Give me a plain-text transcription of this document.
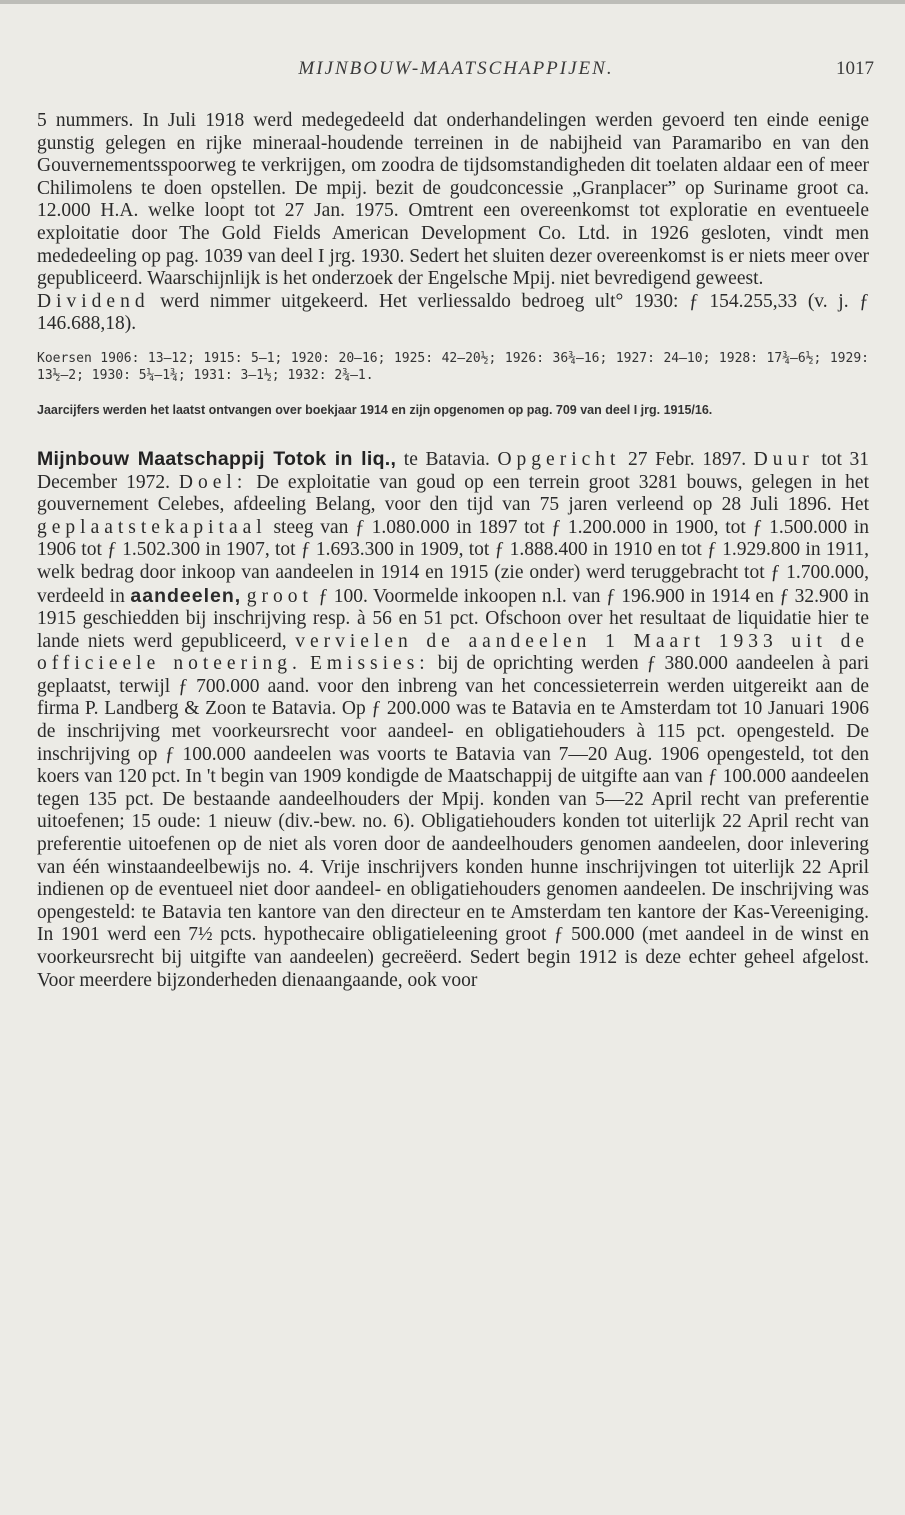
MIJNBOUW-MAATSCHAPPIJEN.	1017

5 nummers. In Juli 1918 werd medegedeeld dat onderhandelingen werden gevoerd ten einde eenige gunstig gelegen en rijke mineraal-houdende terreinen in de nabijheid van Paramaribo en van den Gouvernementsspoorweg te verkrijgen, om zoodra de tijdsomstandigheden dit toelaten aldaar een of meer Chilimolens te doen opstellen. De mpij. bezit de goudconcessie „Granplacer” op Suriname groot ca. 12.000 H.A. welke loopt tot 27 Jan. 1975. Omtrent een overeenkomst tot exploratie en eventueele exploitatie door The Gold Fields American Development Co. Ltd. in 1926 gesloten, vindt men mededeeling op pag. 1039 van deel I jrg. 1930. Sedert het sluiten dezer overeenkomst is er niets meer over gepubliceerd. Waarschijnlijk is het onderzoek der Engelsche Mpij. niet bevredigend geweest.

Dividend werd nimmer uitgekeerd. Het verliessaldo bedroeg ult° 1930: ƒ 154.255,33 (v. j. ƒ 146.688,18).

Koersen 1906: 13—12; 1915: 5—1; 1920: 20—16; 1925: 42—20½; 1926: 36¾—16; 1927: 24—10; 1928: 17¾—6½; 1929: 13½—2; 1930: 5¼—1¾; 1931: 3—1½; 1932: 2¾—1.

Jaarcijfers werden het laatst ontvangen over boekjaar 1914 en zijn opgenomen op pag. 709 van deel I jrg. 1915/16.

Mijnbouw Maatschappij Totok in liq., te Batavia. Opgericht 27 Febr. 1897. Duur tot 31 December 1972. Doel: De exploitatie van goud op een terrein groot 3281 bouws, gelegen in het gouvernement Celebes, afdeeling Belang, voor den tijd van 75 jaren verleend op 28 Juli 1896. Het geplaatstekapitaal steeg van ƒ 1.080.000 in 1897 tot ƒ 1.200.000 in 1900, tot ƒ 1.500.000 in 1906 tot ƒ 1.502.300 in 1907, tot ƒ 1.693.300 in 1909, tot ƒ 1.888.400 in 1910 en tot ƒ 1.929.800 in 1911, welk bedrag door inkoop van aandeelen in 1914 en 1915 (zie onder) werd teruggebracht tot ƒ 1.700.000, verdeeld in aandeelen, groot ƒ 100. Voormelde inkoopen n.l. van ƒ 196.900 in 1914 en ƒ 32.900 in 1915 geschiedden bij inschrijving resp. à 56 en 51 pct. Ofschoon over het resultaat de liquidatie hier te lande niets werd gepubliceerd, vervielen de aandeelen 1 Maart 1933 uit de officieele noteering. Emissies: bij de oprichting werden ƒ 380.000 aandeelen à pari geplaatst, terwijl ƒ 700.000 aand. voor den inbreng van het concessieterrein werden uitgereikt aan de firma P. Landberg & Zoon te Batavia. Op ƒ 200.000 was te Batavia en te Amsterdam tot 10 Januari 1906 de inschrijving met voorkeursrecht voor aandeel- en obligatiehouders à 115 pct. opengesteld. De inschrijving op ƒ 100.000 aandeelen was voorts te Batavia van 7—20 Aug. 1906 opengesteld, tot den koers van 120 pct. In 't begin van 1909 kondigde de Maatschappij de uitgifte aan van ƒ 100.000 aandeelen tegen 135 pct. De bestaande aandeelhouders der Mpij. konden van 5—22 April recht van preferentie uitoefenen; 15 oude: 1 nieuw (div.-bew. no. 6). Obligatiehouders konden tot uiterlijk 22 April recht van preferentie uitoefenen op de niet als voren door de aandeelhouders genomen aandeelen, door inlevering van één winstaandeelbewijs no. 4. Vrije inschrijvers konden hunne inschrijvingen tot uiterlijk 22 April indienen op de eventueel niet door aandeel- en obligatiehouders genomen aandeelen. De inschrijving was opengesteld: te Batavia ten kantore van den directeur en te Amsterdam ten kantore der Kas-Vereeniging. In 1901 werd een 7½ pcts. hypothecaire obligatieleening groot ƒ 500.000 (met aandeel in de winst en voorkeursrecht bij uitgifte van aandeelen) gecreëerd. Sedert begin 1912 is deze echter geheel afgelost. Voor meerdere bijzonderheden dienaangaande, ook voor
